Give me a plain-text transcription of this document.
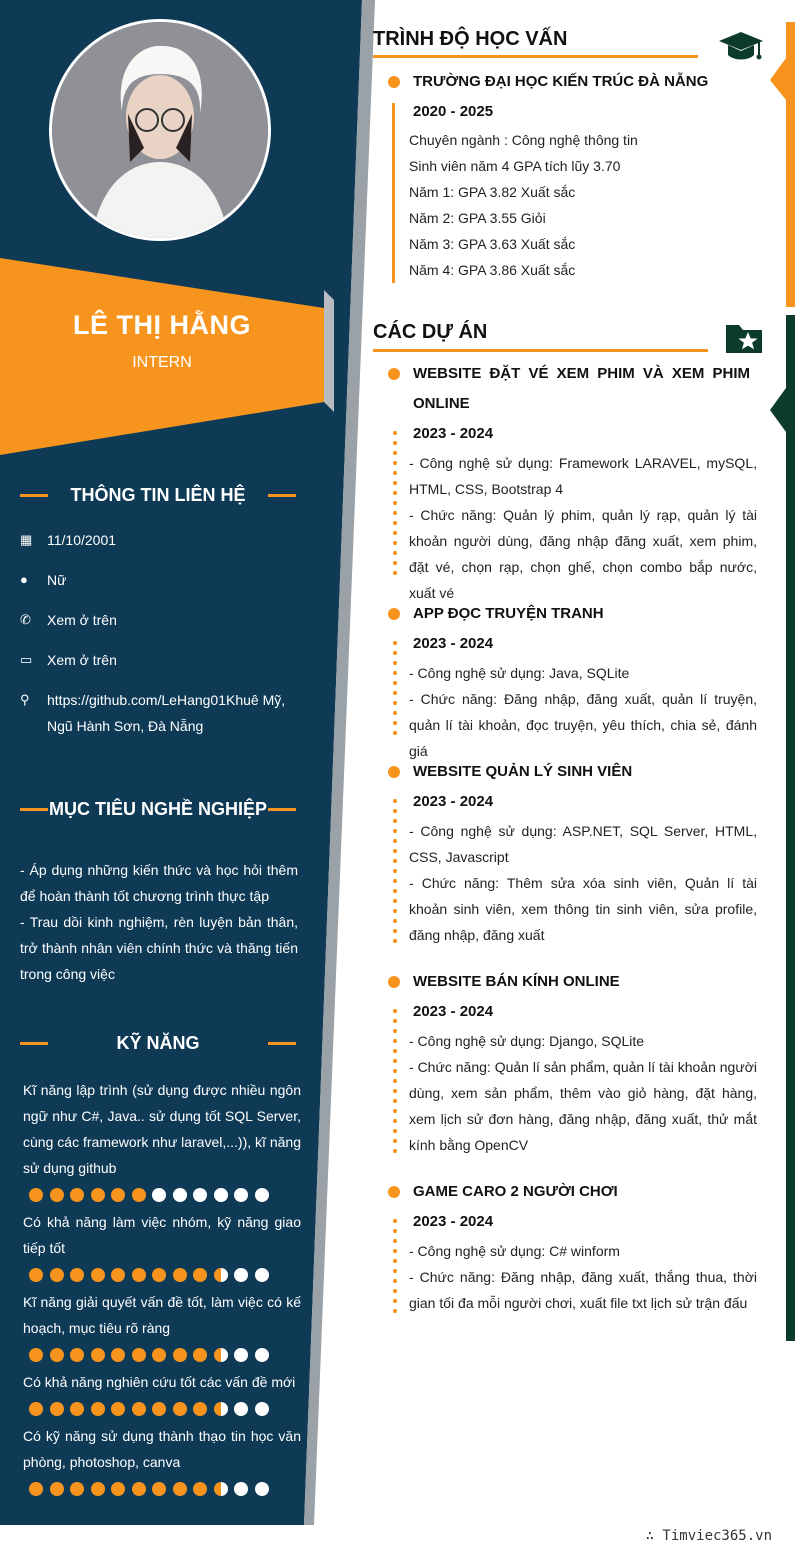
LÊ THỊ HẰNG
INTERN
THÔNG TIN LIÊN HỆ
▦	11/10/2001
●	Nữ
✆	Xem ở trên
▭	Xem ở trên
⚲	https://github.com/LeHang01Khuê Mỹ, Ngũ Hành Sơn, Đà Nẵng
MỤC TIÊU NGHỀ NGHIỆP
- Áp dụng những kiến thức và học hỏi thêm để hoàn thành tốt chương trình thực tập
- Trau dồi kinh nghiệm, rèn luyện bản thân, trở thành nhân viên chính thức và thăng tiến trong công việc
KỸ NĂNG
Kĩ năng lập trình (sử dụng được nhiều ngôn ngữ như C#, Java.. sử dụng tốt SQL Server, cùng các framework như laravel,...)), kĩ năng sử dụng github
Có khả năng làm việc nhóm, kỹ năng giao tiếp tốt
Kĩ năng giải quyết vấn đề tốt, làm việc có kế hoạch, mục tiêu rõ ràng
Có khả năng nghiên cứu tốt các vấn đề mới
Có kỹ năng sử dụng thành thạo tin học văn phòng, photoshop, canva
TRÌNH ĐỘ HỌC VẤN
TRƯỜNG ĐẠI HỌC KIẾN TRÚC ĐÀ NẴNG
2020 - 2025

Chuyên ngành : Công nghệ thông tin

Sinh viên năm 4 GPA tích lũy 3.70

Năm 1: GPA 3.82 Xuất sắc

Năm 2: GPA 3.55 Giỏi

Năm 3: GPA 3.63 Xuất sắc

Năm 4: GPA 3.86 Xuất sắc

CÁC DỰ ÁN
WEBSITE ĐẶT VÉ XEM PHIM VÀ XEM PHIM ONLINE
2023 - 2024

- Công nghệ sử dụng: Framework LARAVEL, mySQL, HTML, CSS, Bootstrap 4

- Chức năng: Quản lý phim, quản lý rạp, quản lý tài khoản người dùng, đăng nhập đăng xuất, xem phim, đặt vé, chọn rạp, chọn ghế, chọn combo bắp nước, xuất vé

APP ĐỌC TRUYỆN TRANH
2023 - 2024

- Công nghệ sử dụng: Java, SQLite

- Chức năng: Đăng nhập, đăng xuất, quản lí truyện, quản lí tài khoản, đọc truyện, yêu thích, chia sẻ, đánh giá

WEBSITE QUẢN LÝ SINH VIÊN
2023 - 2024

- Công nghệ sử dụng: ASP.NET, SQL Server, HTML, CSS, Javascript

- Chức năng: Thêm sửa xóa sinh viên, Quản lí tài khoản sinh viên, xem thông tin sinh viên, sửa profile, đăng nhập, đăng xuất

WEBSITE BÁN KÍNH ONLINE
2023 - 2024

- Công nghệ sử dụng: Django, SQLite

- Chức năng: Quản lí sản phẩm, quản lí tài khoản người dùng, xem sản phẩm, thêm vào giỏ hàng, đặt hàng, xem lịch sử đơn hàng, đăng nhập, đăng xuất, thử mắt kính bằng OpenCV

GAME CARO 2 NGƯỜI CHƠI
2023 - 2024

- Công nghệ sử dụng: C# winform

- Chức năng: Đăng nhập, đăng xuất, thắng thua, thời gian tối đa mỗi người chơi, xuất file txt lịch sử trận đấu

∴ Timviec365.vn
